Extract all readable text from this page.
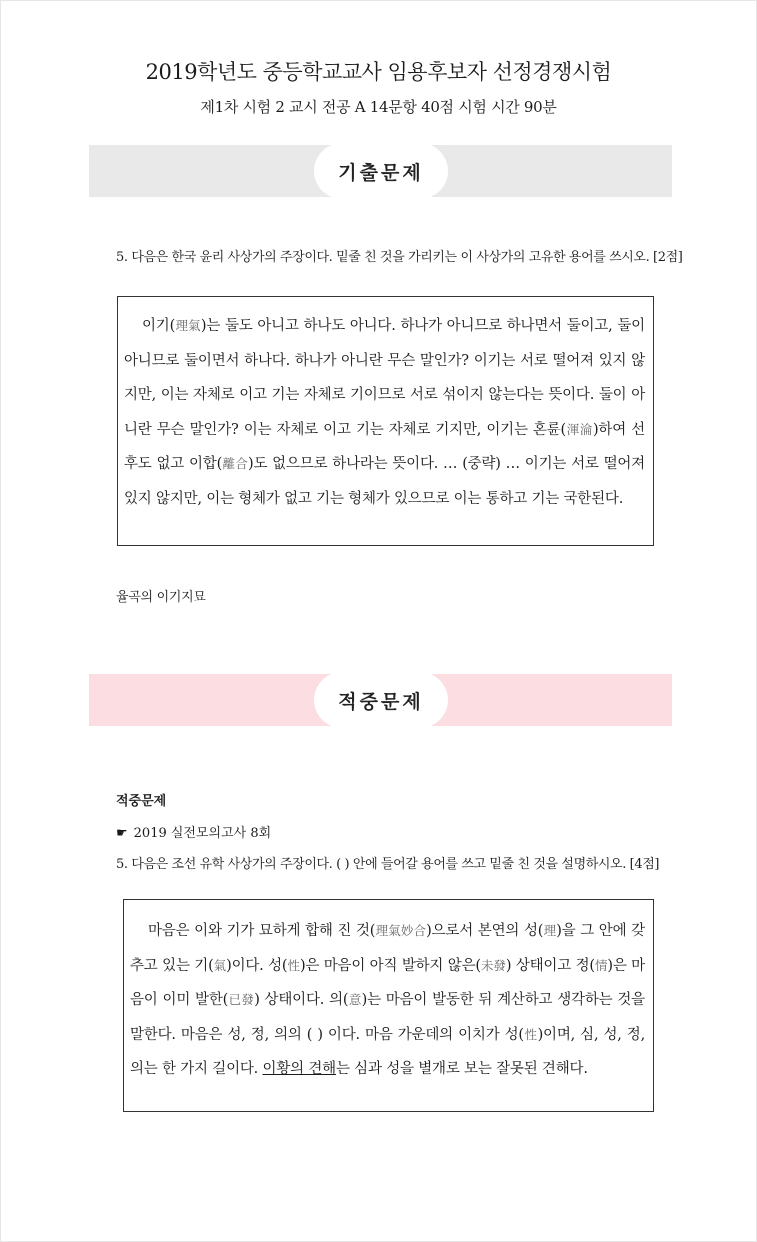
2019학년도 중등학교교사 임용후보자 선정경쟁시험
제1차 시험 2 교시 전공 A 14문항 40점 시험 시간 90분
기출문제
5. 다음은 한국 윤리 사상가의 주장이다. 밑줄 친 것을 가리키는 이 사상가의 고유한 용어를 쓰시오. [2점]
이기(理氣)는 둘도 아니고 하나도 아니다. 하나가 아니므로 하나면서 둘이고, 둘이 아니므로 둘이면서 하나다. 하나가 아니란 무슨 말인가? 이기는 서로 떨어져 있지 않지만, 이는 자체로 이고 기는 자체로 기이므로 서로 섞이지 않는다는 뜻이다. 둘이 아니란 무슨 말인가? 이는 자체로 이고 기는 자체로 기지만, 이기는 혼륜(渾淪)하여 선후도 없고 이합(離合)도 없으므로 하나라는 뜻이다. … (중략) … 이기는 서로 떨어져 있지 않지만, 이는 형체가 없고 기는 형체가 있으므로 이는 통하고 기는 국한된다.
율곡의 이기지묘
적중문제
적중문제
☛ 2019 실전모의고사 8회
5. 다음은 조선 유학 사상가의 주장이다. ( ) 안에 들어갈 용어를 쓰고 밑줄 친 것을 설명하시오. [4점]
마음은 이와 기가 묘하게 합해 진 것(理氣妙合)으로서 본연의 성(理)을 그 안에 갖추고 있는 기(氣)이다. 성(性)은 마음이 아직 발하지 않은(未發) 상태이고 정(情)은 마음이 이미 발한(已發) 상태이다. 의(意)는 마음이 발동한 뒤 계산하고 생각하는 것을 말한다. 마음은 성, 정, 의의 ( ) 이다. 마음 가운데의 이치가 성(性)이며, 심, 성, 정, 의는 한 가지 길이다. 이황의 견해는 심과 성을 별개로 보는 잘못된 견해다.
